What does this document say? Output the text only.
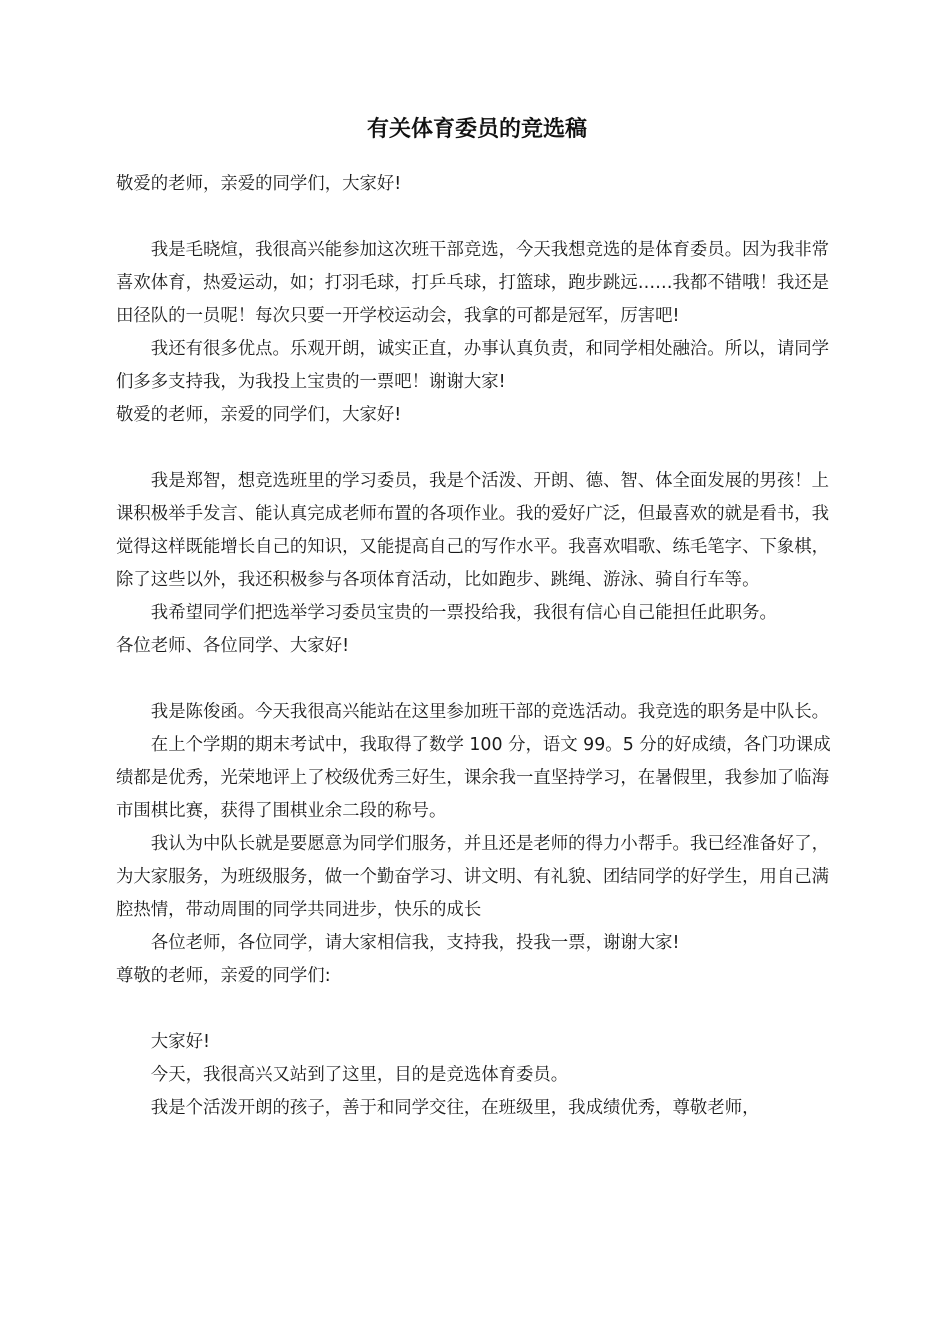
有关体育委员的竞选稿

敬爱的老师，亲爱的同学们，大家好!

我是毛晓煊，我很高兴能参加这次班干部竞选，今天我想竞选的是体育委员。因为我非常喜欢体育，热爱运动，如；打羽毛球，打乒乓球，打篮球，跑步跳远……我都不错哦！我还是田径队的一员呢！每次只要一开学校运动会，我拿的可都是冠军，厉害吧!

我还有很多优点。乐观开朗，诚实正直，办事认真负责，和同学相处融洽。所以，请同学们多多支持我，为我投上宝贵的一票吧！谢谢大家!

敬爱的老师，亲爱的同学们，大家好!

我是郑智，想竞选班里的学习委员，我是个活泼、开朗、德、智、体全面发展的男孩！上课积极举手发言、能认真完成老师布置的各项作业。我的爱好广泛，但最喜欢的就是看书，我觉得这样既能增长自己的知识，又能提高自己的写作水平。我喜欢唱歌、练毛笔字、下象棋，除了这些以外，我还积极参与各项体育活动，比如跑步、跳绳、游泳、骑自行车等。

我希望同学们把选举学习委员宝贵的一票投给我，我很有信心自己能担任此职务。

各位老师、各位同学、大家好!

我是陈俊函。今天我很高兴能站在这里参加班干部的竞选活动。我竞选的职务是中队长。

在上个学期的期末考试中，我取得了数学 100 分，语文 99。5 分的好成绩，各门功课成绩都是优秀，光荣地评上了校级优秀三好生，课余我一直坚持学习，在暑假里，我参加了临海市围棋比赛，获得了围棋业余二段的称号。

我认为中队长就是要愿意为同学们服务，并且还是老师的得力小帮手。我已经准备好了，为大家服务，为班级服务，做一个勤奋学习、讲文明、有礼貌、团结同学的好学生，用自己满腔热情，带动周围的同学共同进步，快乐的成长

各位老师，各位同学，请大家相信我，支持我，投我一票，谢谢大家!

尊敬的老师，亲爱的同学们:

大家好!

今天，我很高兴又站到了这里，目的是竞选体育委员。

我是个活泼开朗的孩子，善于和同学交往，在班级里，我成绩优秀，尊敬老师，
